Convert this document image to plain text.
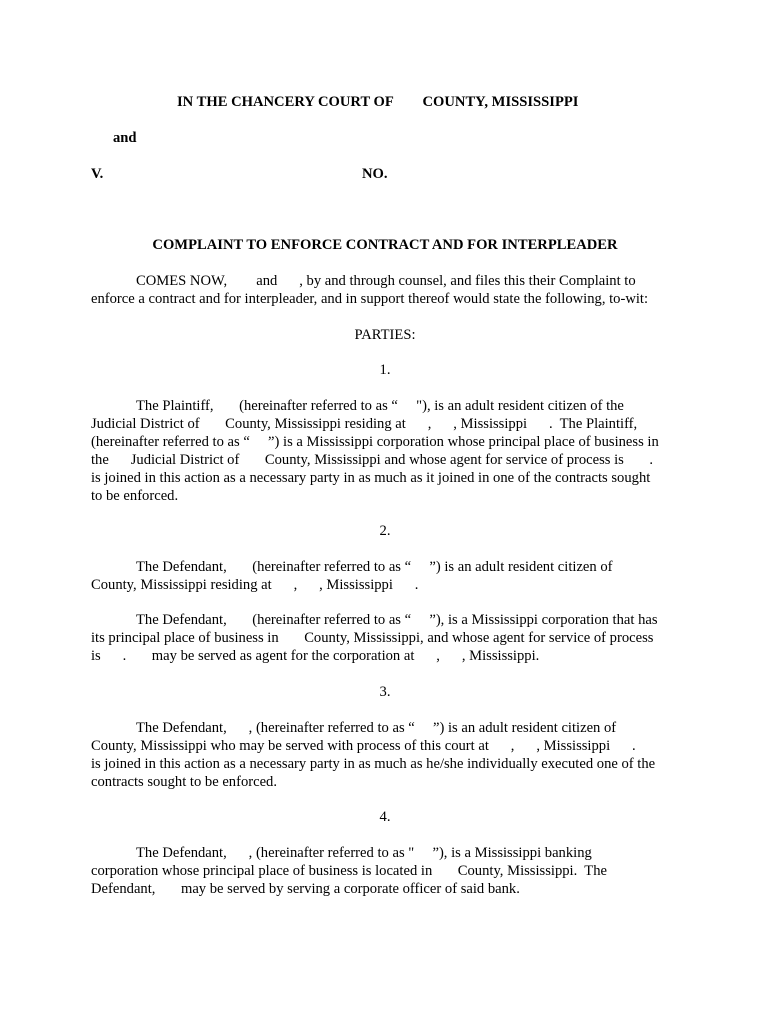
IN THE CHANCERY COURT OF        COUNTY, MISSISSIPPI
and
V.	NO.
COMPLAINT TO ENFORCE CONTRACT AND FOR INTERPLEADER
COMES NOW,        and      , by and through counsel, and files this their Complaint to
enforce a contract and for interpleader, and in support thereof would state the following, to-wit:
PARTIES:
1.
The Plaintiff,       (hereinafter referred to as “     "), is an adult resident citizen of the
Judicial District of       County, Mississippi residing at      ,      , Mississippi      .  The Plaintiff,
(hereinafter referred to as “     ”) is a Mississippi corporation whose principal place of business in
the      Judicial District of       County, Mississippi and whose agent for service of process is       .
is joined in this action as a necessary party in as much as it joined in one of the contracts sought
to be enforced.
2.
The Defendant,       (hereinafter referred to as “     ”) is an adult resident citizen of
County, Mississippi residing at      ,      , Mississippi      .
The Defendant,       (hereinafter referred to as “     ”), is a Mississippi corporation that has
its principal place of business in       County, Mississippi, and whose agent for service of process
is      .       may be served as agent for the corporation at      ,      , Mississippi.
3.
The Defendant,      , (hereinafter referred to as “     ”) is an adult resident citizen of
County, Mississippi who may be served with process of this court at      ,      , Mississippi      .
is joined in this action as a necessary party in as much as he/she individually executed one of the
contracts sought to be enforced.
4.
The Defendant,      , (hereinafter referred to as "     ”), is a Mississippi banking
corporation whose principal place of business is located in       County, Mississippi.  The
Defendant,       may be served by serving a corporate officer of said bank.
